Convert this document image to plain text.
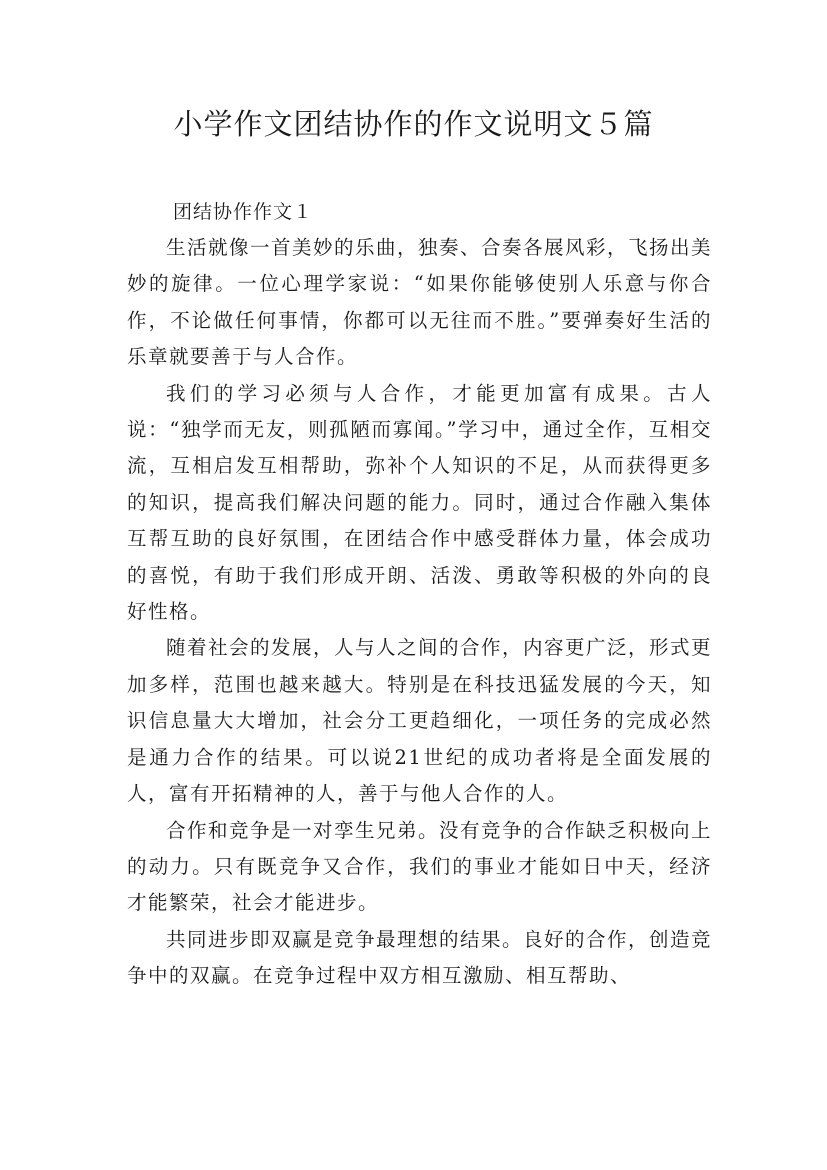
小学作文团结协作的作文说明文５篇

团结协作作文１

生活就像一首美妙的乐曲，独奏、合奏各展风彩，飞扬出美妙的旋律。一位心理学家说：“如果你能够使别人乐意与你合作，不论做任何事情，你都可以无往而不胜。”要弹奏好生活的乐章就要善于与人合作。

我们的学习必须与人合作，才能更加富有成果。古人说：“独学而无友，则孤陋而寡闻。”学习中，通过全作，互相交流，互相启发互相帮助，弥补个人知识的不足，从而获得更多的知识，提高我们解决问题的能力。同时，通过合作融入集体互帮互助的良好氛围，在团结合作中感受群体力量，体会成功的喜悦，有助于我们形成开朗、活泼、勇敢等积极的外向的良好性格。

随着社会的发展，人与人之间的合作，内容更广泛，形式更加多样，范围也越来越大。特别是在科技迅猛发展的今天，知识信息量大大增加，社会分工更趋细化，一项任务的完成必然是通力合作的结果。可以说21世纪的成功者将是全面发展的人，富有开拓精神的人，善于与他人合作的人。

合作和竞争是一对孪生兄弟。没有竞争的合作缺乏积极向上的动力。只有既竞争又合作，我们的事业才能如日中天，经济才能繁荣，社会才能进步。

共同进步即双赢是竞争最理想的结果。良好的合作，创造竞争中的双赢。在竞争过程中双方相互激励、相互帮助、
